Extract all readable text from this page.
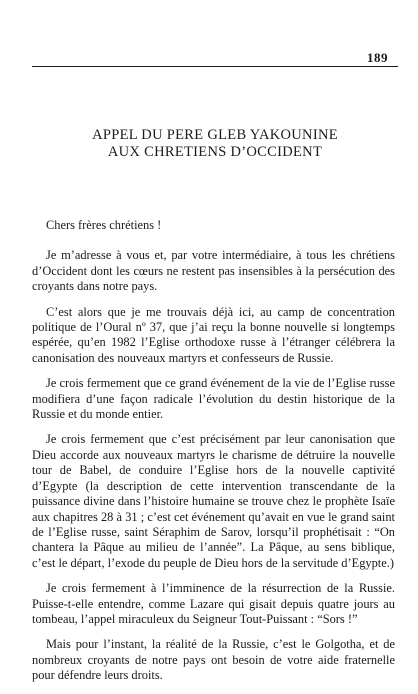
189
APPEL DU PERE GLEB YAKOUNINE
AUX CHRETIENS D’OCCIDENT

Chers frères chrétiens !

Je m’adresse à vous et, par votre intermédiaire, à tous les chrétiens d’Occident dont les cœurs ne restent pas insensibles à la persécution des croyants dans notre pays.

C’est alors que je me trouvais déjà ici, au camp de concentration politique de l’Oural nº 37, que j’ai reçu la bonne nouvelle si longtemps espérée, qu’en 1982 l’Eglise orthodoxe russe à l’étranger célébrera la canonisation des nouveaux martyrs et confesseurs de Russie.

Je crois fermement que ce grand événement de la vie de l’Eglise russe modifiera d’une façon radicale l’évolution du destin historique de la Russie et du monde entier.

Je crois fermement que c’est précisément par leur canonisation que Dieu accorde aux nouveaux martyrs le charisme de détruire la nouvelle tour de Babel, de conduire l’Eglise hors de la nouvelle captivité d’Egypte (la description de cette intervention transcendante de la puissance divine dans l’histoire humaine se trouve chez le prophète Isaïe aux chapitres 28 à 31 ; c’est cet événement qu’avait en vue le grand saint de l’Eglise russe, saint Séraphim de Sarov, lorsqu’il prophétisait : “On chantera la Pâque au milieu de l’année”. La Pâque, au sens biblique, c’est le départ, l’exode du peuple de Dieu hors de la servitude d’Egypte.)

Je crois fermement à l’imminence de la résurrection de la Russie. Puisse-t-elle entendre, comme Lazare qui gisait depuis quatre jours au tombeau, l’appel miraculeux du Seigneur Tout-Puissant : “Sors !”

Mais pour l’instant, la réalité de la Russie, c’est le Golgotha, et de nombreux croyants de notre pays ont besoin de votre aide fraternelle pour défendre leurs droits.
